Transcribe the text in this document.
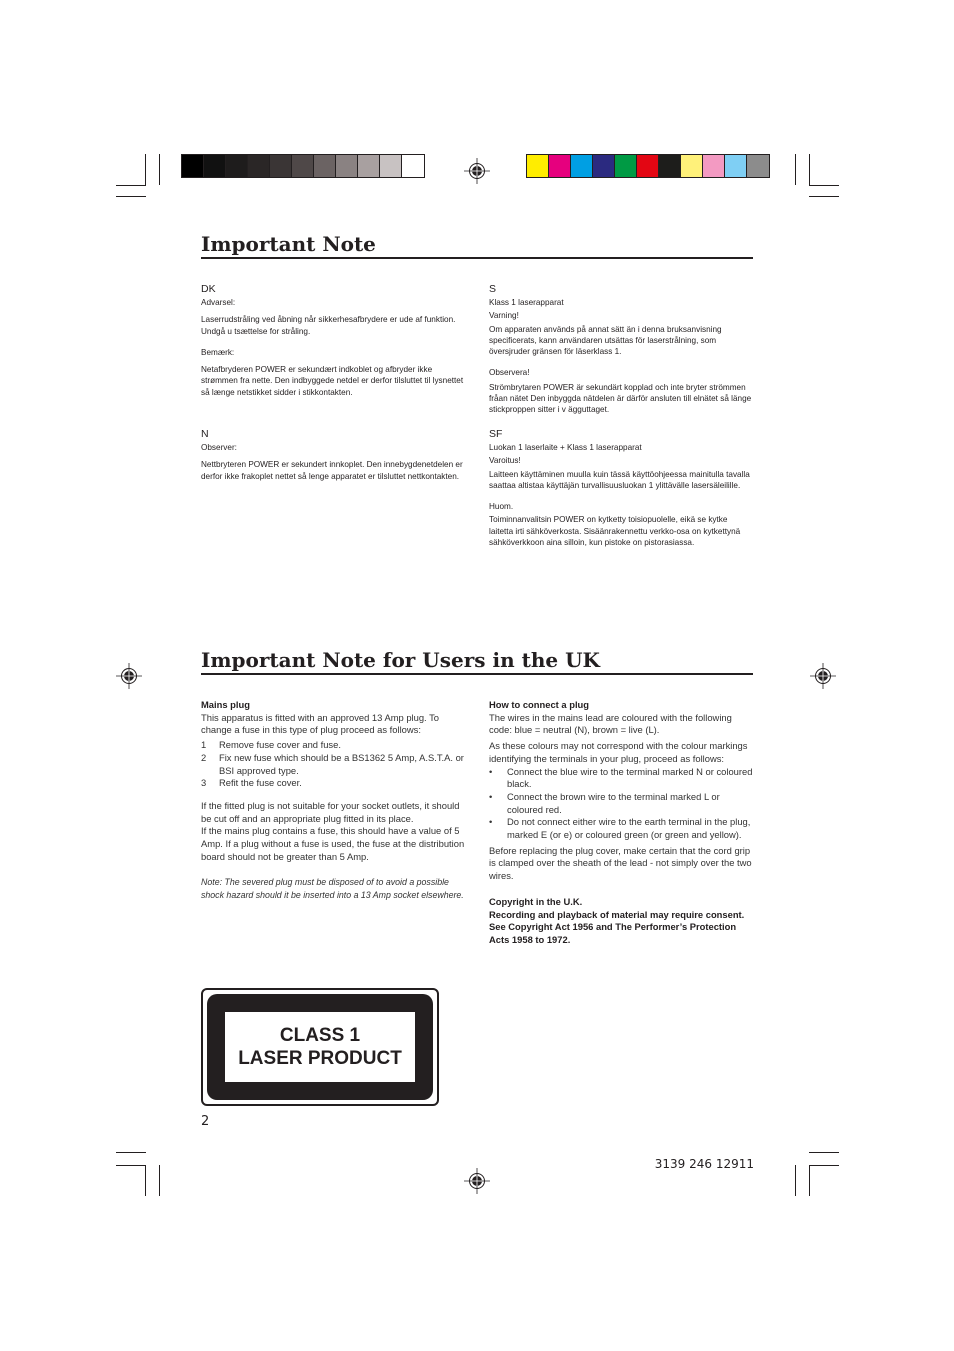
Important Note

DK

Advarsel:

Laserrudstråling ved åbning når sikkerhesafbrydere er ude af funktion. Undgå u tsættelse for stråling.

Bemærk:

Netafbryderen POWER er sekundært indkoblet og afbryder ikke strømmen fra nette. Den indbyggede netdel er derfor tilsluttet til lysnettet så længe netstikket sidder i stikkontakten.

N

Observer:

Nettbryteren POWER er sekundert innkoplet. Den innebygdenetdelen er derfor ikke frakoplet nettet så lenge apparatet er tilsluttet nettkontakten.

S

Klass 1 laserapparat

Varning!

Om apparaten används på annat sätt än i denna bruksanvisning specificerats, kann användaren utsättas för laserstrålning, som översjruder gränsen för läserklass 1.

Observera!

Strömbrytaren POWER är sekundärt kopplad och inte bryter strömmen fråan nätet Den inbyggda nätdelen är därför ansluten till elnätet så länge stickproppen sitter i v ägguttaget.

SF

Luokan 1 laserlaite + Klass 1 laserapparat

Varoitus!

Laitteen käyttäminen muulla kuin tässä käyttöohjeessa mainitulla tavalla saattaa altistaa käyttäjän turvallisuusluokan 1 ylittävälle lasersäleilille.

Huom.

Toiminnanvalitsin POWER on kytketty toisiopuolelle, eikä se kytke laitetta irti sähköverkosta. Sisäänrakennettu verkko-osa on kytkettynä sähköverkkoon aina silloin, kun pistoke on pistorasiassa.

Important Note for Users in the UK

Mains plug

This apparatus is fitted with an approved 13 Amp plug. To change a fuse in this type of plug proceed as follows:

1	Remove fuse cover and fuse.
2	Fix new fuse which should be a BS1362 5 Amp, A.S.T.A. or BSI approved type.
3	Refit the fuse cover.

If the fitted plug is not suitable for your socket outlets, it should be cut off and an appropriate plug fitted in its place.

If the mains plug contains a fuse, this should have a value of 5 Amp. If a plug without a fuse is used, the fuse at the distribution board should not be greater than 5 Amp.

Note: The severed plug must be disposed of to avoid a possible shock hazard should it be inserted into a 13 Amp socket elsewhere.

How to connect a plug

The wires in the mains lead are coloured with the following code: blue = neutral (N), brown = live (L).

As these colours may not correspond with the colour markings identifying the terminals in your plug, proceed as follows:

•	Connect the blue wire to the terminal marked N or coloured black.
•	Connect the brown wire to the terminal marked L or coloured red.
•	Do not connect either wire to the earth terminal in the plug, marked E (or e) or coloured green (or green and yellow).

Before replacing the plug cover, make certain that the cord grip is clamped over the sheath of the lead - not simply over the two wires.

Copyright in the U.K.

Recording and playback of material may require consent. See Copyright Act 1956 and The Performer’s Protection Acts 1958 to 1972.

CLASS 1
LASER PRODUCT
2
3139 246 12911
